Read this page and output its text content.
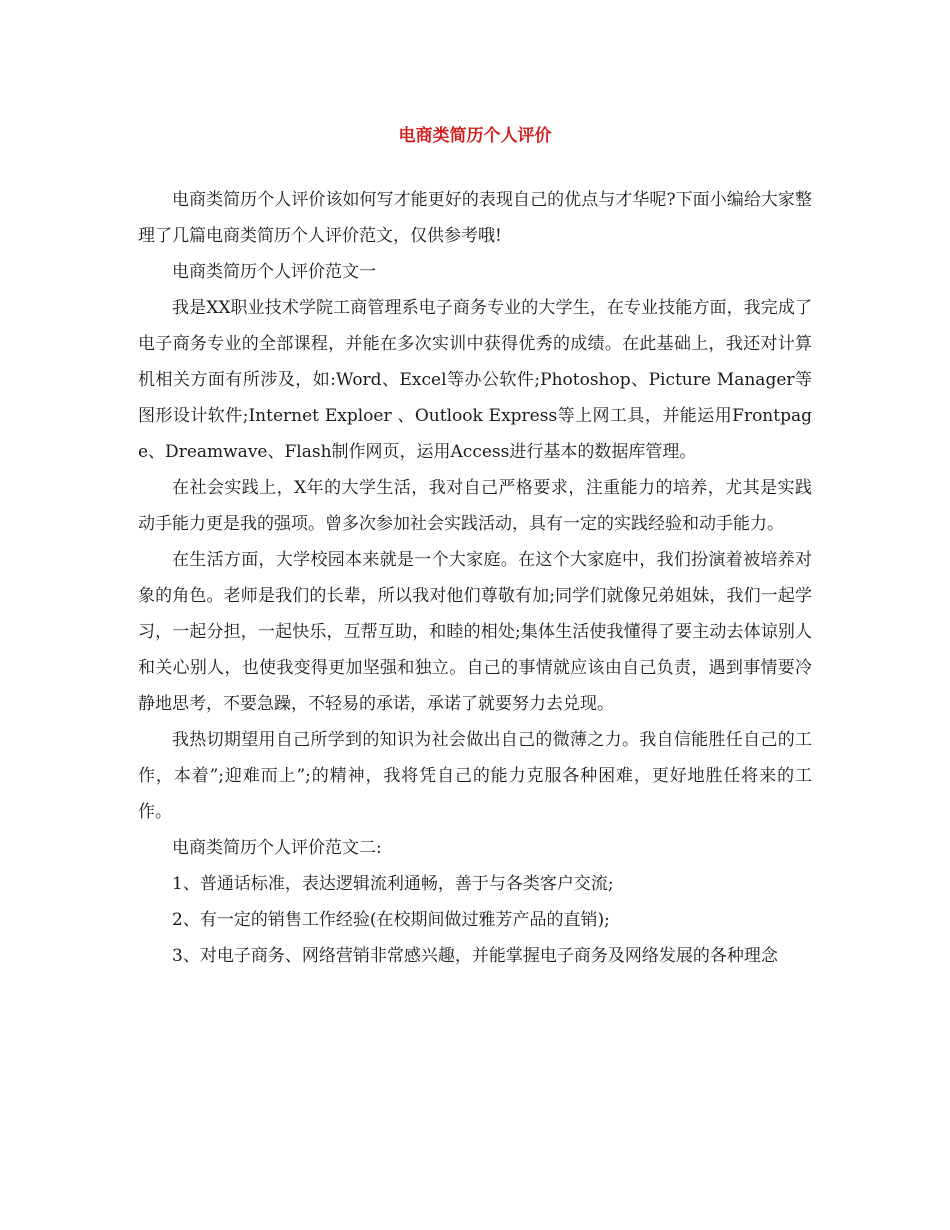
电商类简历个人评价

电商类简历个人评价该如何写才能更好的表现自己的优点与才华呢?下面小编给大家整理了几篇电商类简历个人评价范文，仅供参考哦!

电商类简历个人评价范文一

我是XX职业技术学院工商管理系电子商务专业的大学生，在专业技能方面，我完成了电子商务专业的全部课程，并能在多次实训中获得优秀的成绩。在此基础上，我还对计算机相关方面有所涉及，如:Word、Excel等办公软件;Photoshop、Picture Manager等图形设计软件;Internet Exploer 、Outlook Express等上网工具，并能运用Frontpage、Dreamwave、Flash制作网页，运用Access进行基本的数据库管理。

在社会实践上，X年的大学生活，我对自己严格要求，注重能力的培养，尤其是实践动手能力更是我的强项。曾多次参加社会实践活动，具有一定的实践经验和动手能力。

在生活方面，大学校园本来就是一个大家庭。在这个大家庭中，我们扮演着被培养对象的角色。老师是我们的长辈，所以我对他们尊敬有加;同学们就像兄弟姐妹，我们一起学习，一起分担，一起快乐，互帮互助，和睦的相处;集体生活使我懂得了要主动去体谅别人和关心别人，也使我变得更加坚强和独立。自己的事情就应该由自己负责，遇到事情要冷静地思考，不要急躁，不轻易的承诺，承诺了就要努力去兑现。

我热切期望用自己所学到的知识为社会做出自己的微薄之力。我自信能胜任自己的工作，本着”;迎难而上”;的精神，我将凭自己的能力克服各种困难，更好地胜任将来的工作。

电商类简历个人评价范文二:

1、普通话标准，表达逻辑流利通畅，善于与各类客户交流;

2、有一定的销售工作经验(在校期间做过雅芳产品的直销);

3、对电子商务、网络营销非常感兴趣，并能掌握电子商务及网络发展的各种理念
